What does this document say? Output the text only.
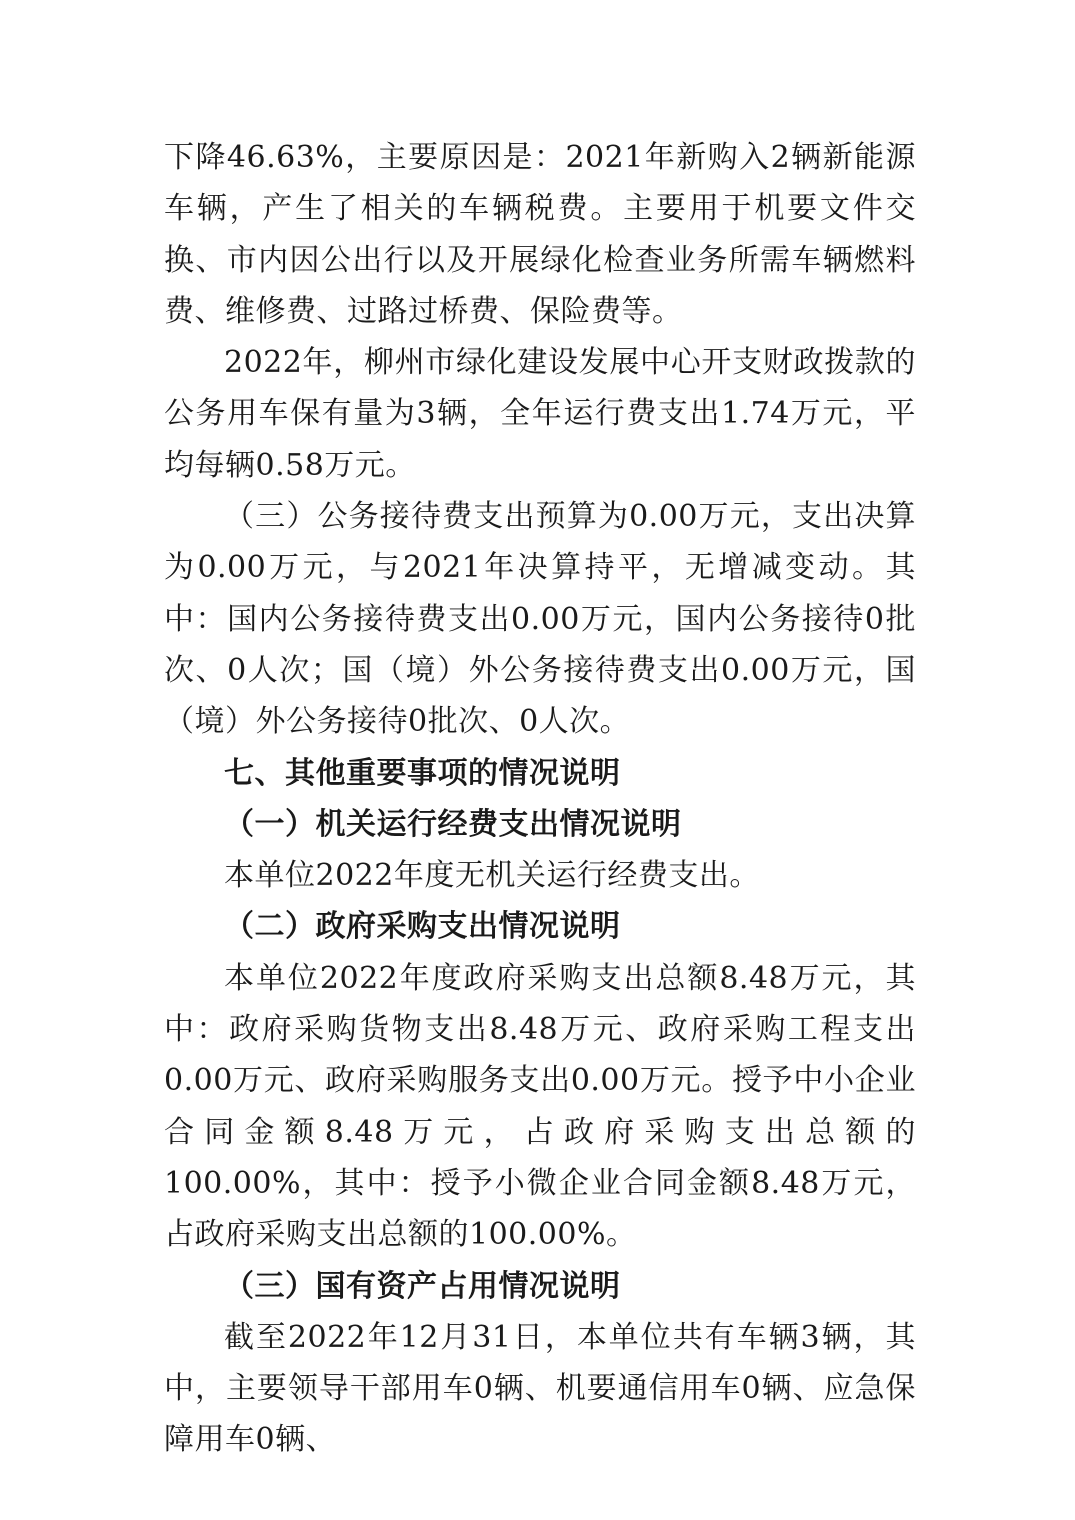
下降46.63%，主要原因是：2021年新购入2辆新能源车辆，产生了相关的车辆税费。主要用于机要文件交换、市内因公出行以及开展绿化检查业务所需车辆燃料费、维修费、过路过桥费、保险费等。

2022年，柳州市绿化建设发展中心开支财政拨款的公务用车保有量为3辆，全年运行费支出1.74万元，平均每辆0.58万元。

（三）公务接待费支出预算为0.00万元，支出决算为0.00万元，与2021年决算持平，无增减变动。其中：国内公务接待费支出0.00万元，国内公务接待0批次、0人次；国（境）外公务接待费支出0.00万元，国（境）外公务接待0批次、0人次。

七、其他重要事项的情况说明

（一）机关运行经费支出情况说明

本单位2022年度无机关运行经费支出。

（二）政府采购支出情况说明

本单位2022年度政府采购支出总额8.48万元，其中：政府采购货物支出8.48万元、政府采购工程支出0.00万元、政府采购服务支出0.00万元。授予中小企业合同金额8.48万元，占政府采购支出总额的100.00%，其中：授予小微企业合同金额8.48万元，占政府采购支出总额的100.00%。

（三）国有资产占用情况说明

截至2022年12月31日，本单位共有车辆3辆，其中，主要领导干部用车0辆、机要通信用车0辆、应急保障用车0辆、
